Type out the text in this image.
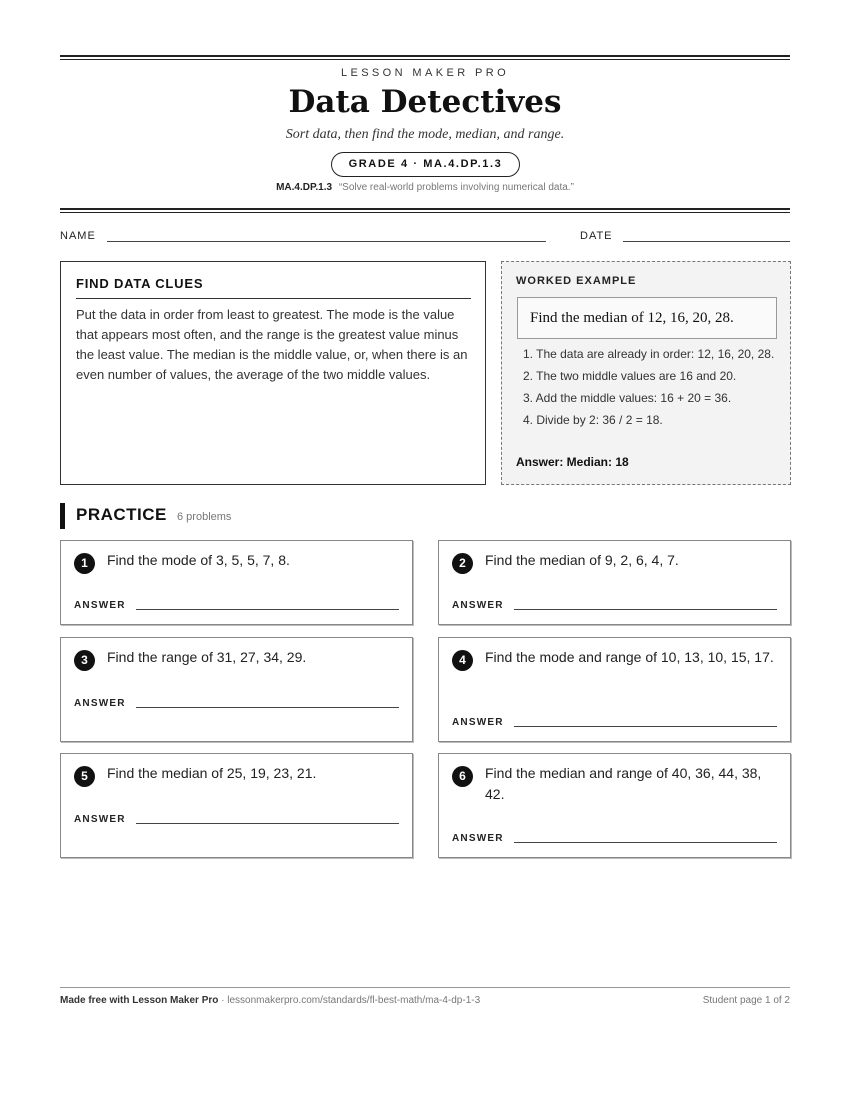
LESSON MAKER PRO
Data Detectives
Sort data, then find the mode, median, and range.
GRADE 4 · MA.4.DP.1.3
MA.4.DP.1.3 “Solve real-world problems involving numerical data.”
NAME	DATE
FIND DATA CLUES
Put the data in order from least to greatest. The mode is the value that appears most often, and the range is the greatest value minus the least value. The median is the middle value, or, when there is an even number of values, the average of the two middle values.
WORKED EXAMPLE
Find the median of 12, 16, 20, 28.
1. The data are already in order: 12, 16, 20, 28.
2. The two middle values are 16 and 20.
3. Add the middle values: 16 + 20 = 36.
4. Divide by 2: 36 / 2 = 18.
Answer: Median: 18
PRACTICE 6 problems
1	Find the mode of 3, 5, 5, 7, 8.
ANSWER
2	Find the median of 9, 2, 6, 4, 7.
ANSWER
3	Find the range of 31, 27, 34, 29.
ANSWER
4	Find the mode and range of 10, 13, 10, 15, 17.
ANSWER
5	Find the median of 25, 19, 23, 21.
ANSWER
6	Find the median and range of 40, 36, 44, 38, 42.
ANSWER
Made free with Lesson Maker Pro · lessonmakerpro.com/standards/fl-best-math/ma-4-dp-1-3	Student page 1 of 2
